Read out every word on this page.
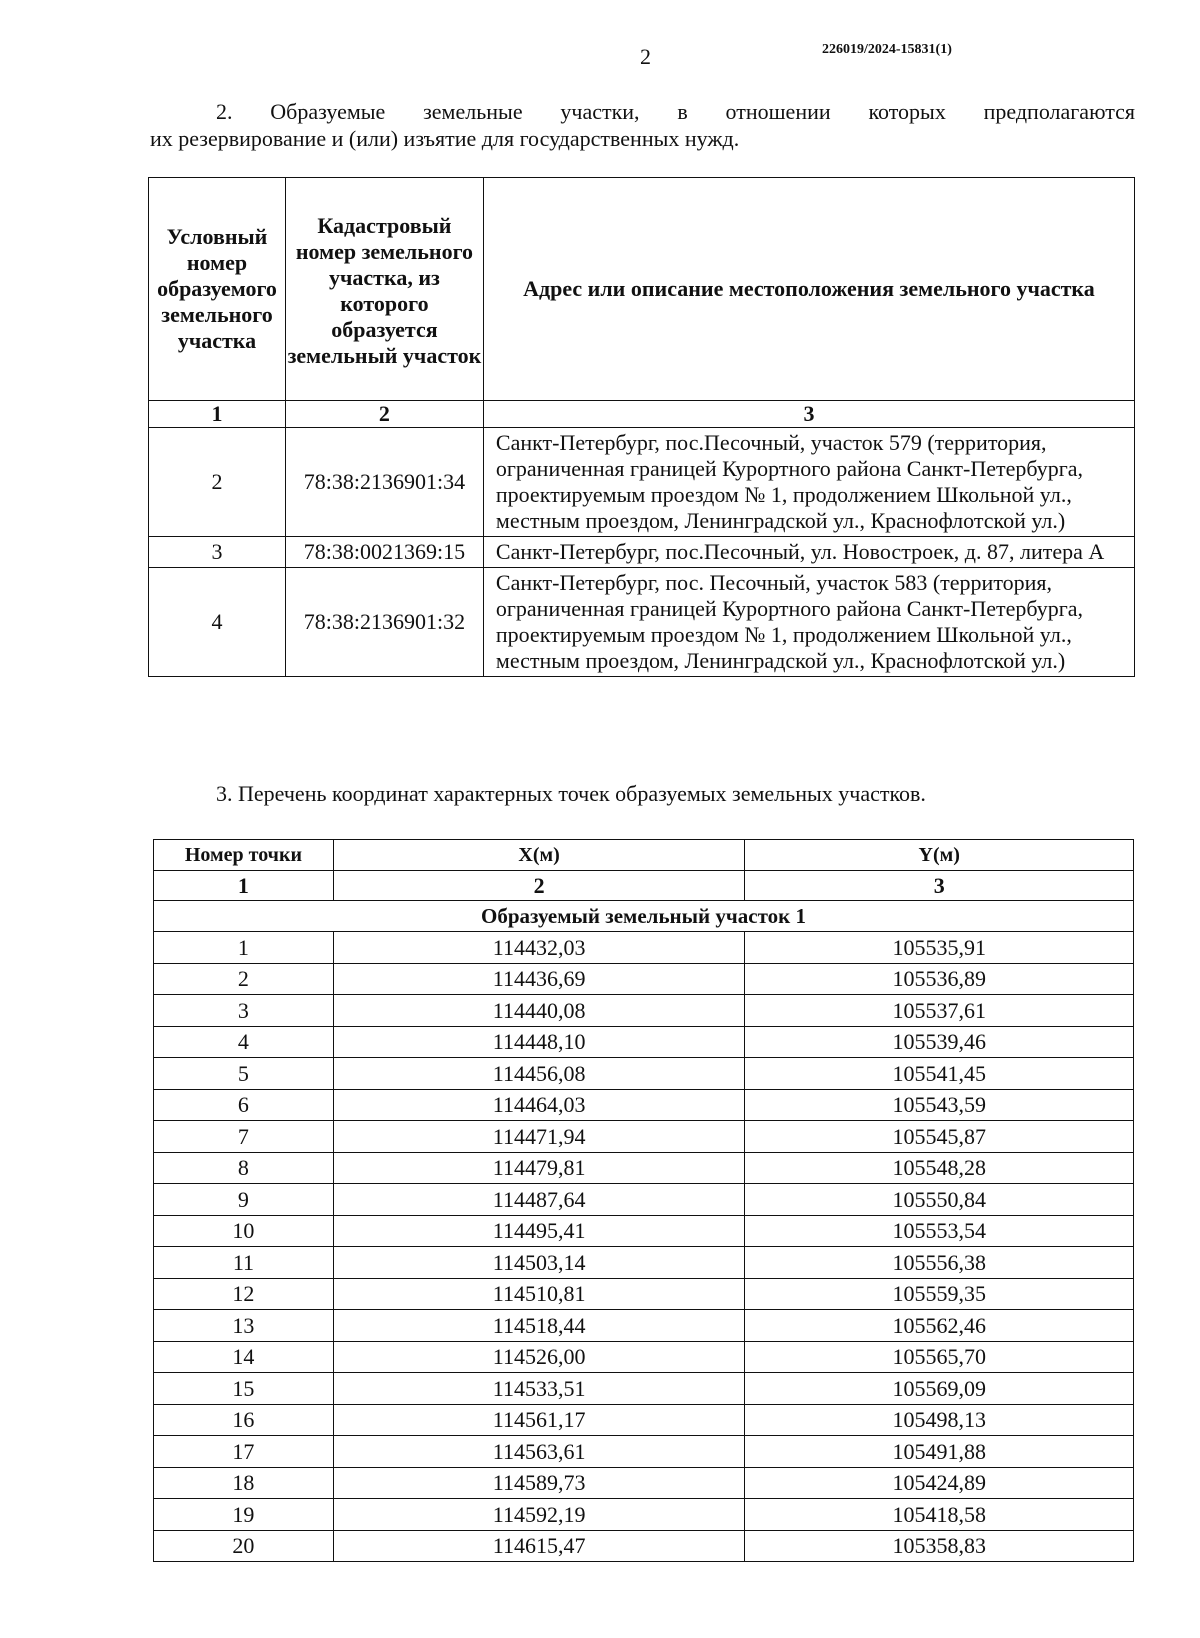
2	226019/2024-15831(1)
2. Образуемые земельные участки, в отношении которых предполагаются
их резервирование и (или) изъятие для государственных нужд.
Условный номер образуемого земельного участка	Кадастровый номер земельного участка, из которого образуется земельный участок	Адрес или описание местоположения земельного участка
1	2	3
2	78:38:2136901:34	Санкт-Петербург, пос.Песочный, участок 579 (территория, ограниченная границей Курортного района Санкт-Петербурга, проектируемым проездом № 1, продолжением Школьной ул., местным проездом, Ленинградской ул., Краснофлотской ул.)
3	78:38:0021369:15	Санкт-Петербург, пос.Песочный, ул. Новостроек, д. 87, литера А
4	78:38:2136901:32	Санкт-Петербург, пос. Песочный, участок 583 (территория, ограниченная границей Курортного района Санкт-Петербурга, проектируемым проездом № 1, продолжением Школьной ул., местным проездом, Ленинградской ул., Краснофлотской ул.)
3. Перечень координат характерных точек образуемых земельных участков.
Номер точки	X(м)	Y(м)
1	2	3
Образуемый земельный участок 1		
1	114432,03	105535,91
2	114436,69	105536,89
3	114440,08	105537,61
4	114448,10	105539,46
5	114456,08	105541,45
6	114464,03	105543,59
7	114471,94	105545,87
8	114479,81	105548,28
9	114487,64	105550,84
10	114495,41	105553,54
11	114503,14	105556,38
12	114510,81	105559,35
13	114518,44	105562,46
14	114526,00	105565,70
15	114533,51	105569,09
16	114561,17	105498,13
17	114563,61	105491,88
18	114589,73	105424,89
19	114592,19	105418,58
20	114615,47	105358,83
